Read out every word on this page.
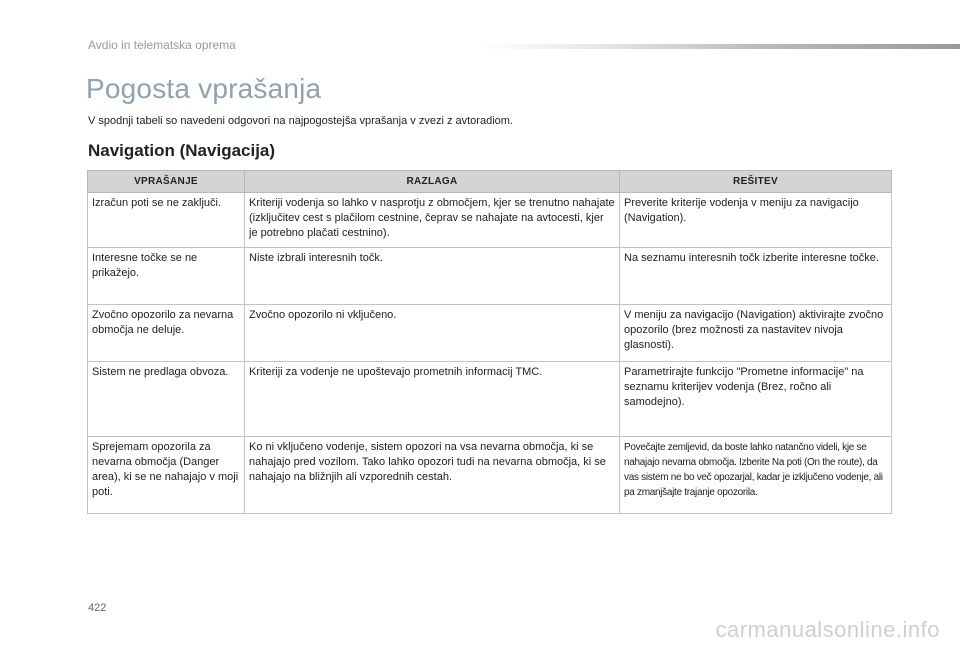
Avdio in telematska oprema
Pogosta vprašanja
V spodnji tabeli so navedeni odgovori na najpogostejša vprašanja v zvezi z avtoradiom.
Navigation (Navigacija)
VPRAŠANJE	RAZLAGA	REŠITEV
Izračun poti se ne zaključi.	Kriteriji vodenja so lahko v nasprotju z območjem, kjer se trenutno nahajate (izključitev cest s plačilom cestnine, čeprav se nahajate na avtocesti, kjer je potrebno plačati cestnino).	Preverite kriterije vodenja v meniju za navigacijo (Navigation).
Interesne točke se ne prikažejo.	Niste izbrali interesnih točk.	Na seznamu interesnih točk izberite interesne točke.
Zvočno opozorilo za nevarna območja ne deluje.	Zvočno opozorilo ni vključeno.	V meniju za navigacijo (Navigation) aktivirajte zvočno opozorilo (brez možnosti za nastavitev nivoja glasnosti).
Sistem ne predlaga obvoza.	Kriteriji za vodenje ne upoštevajo prometnih informacij TMC.	Parametrirajte funkcijo "Prometne informacije" na seznamu kriterijev vodenja (Brez, ročno ali samodejno).
Sprejemam opozorila za nevarna območja (Danger area), ki se ne nahajajo v moji poti.	Ko ni vključeno vodenje, sistem opozori na vsa nevarna območja, ki se nahajajo pred vozilom. Tako lahko opozori tudi na nevarna območja, ki se nahajajo na bližnjih ali vzporednih cestah.	Povečajte zemljevid, da boste lahko natančno videli, kje se nahajajo nevarna območja. Izberite Na poti (On the route), da vas sistem ne bo več opozarjal, kadar je izključeno vodenje, ali pa zmanjšajte trajanje opozorila.
422
carmanualsonline.info
